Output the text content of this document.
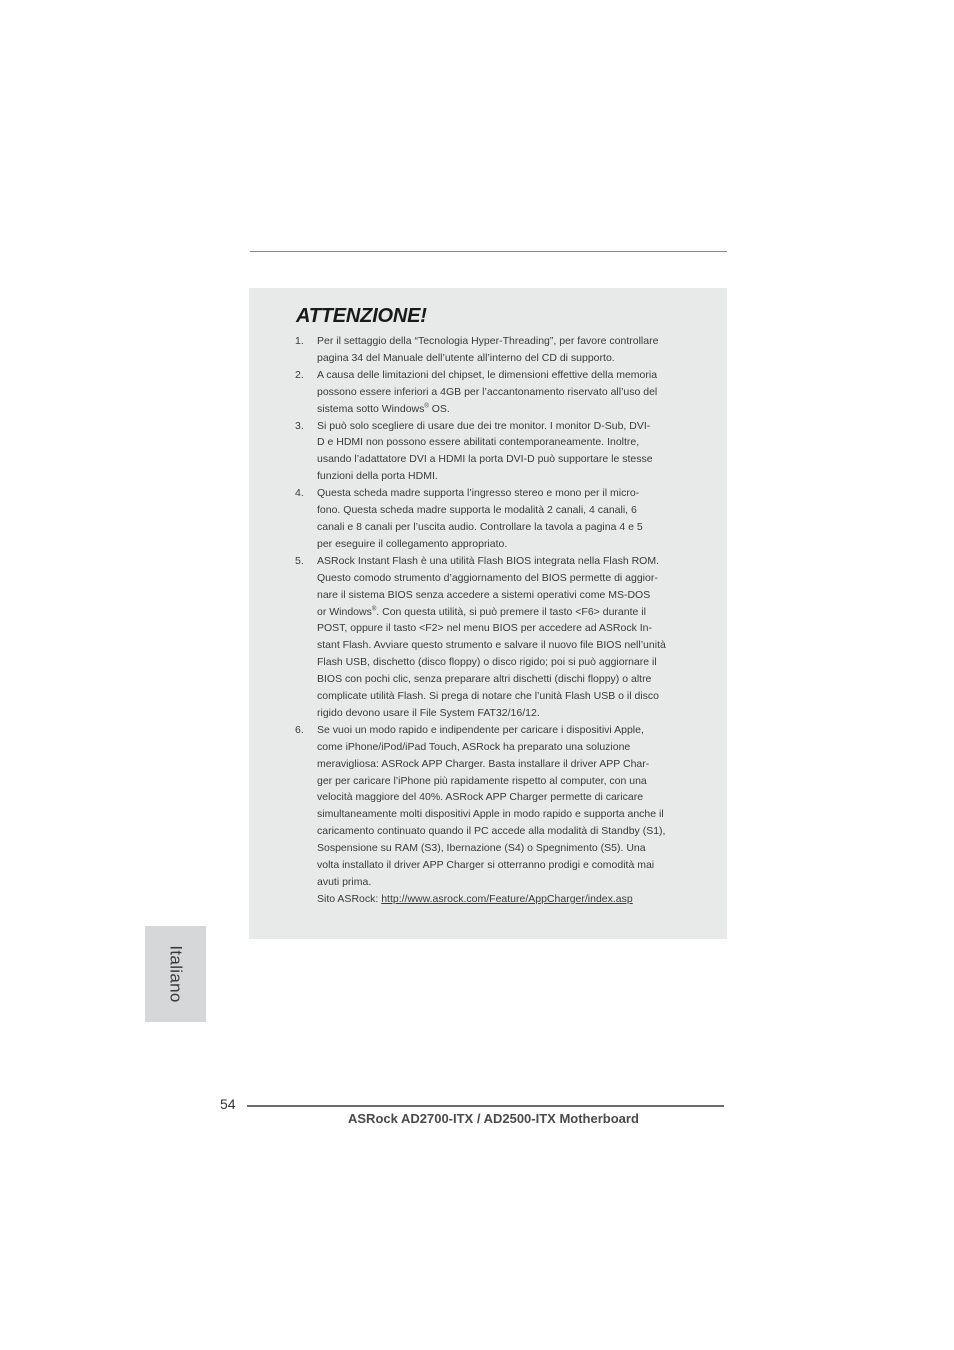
ATTENZIONE!
1. Per il settaggio della “Tecnologia Hyper-Threading”, per favore controllare
pagina 34 del Manuale dell’utente all’interno del CD di supporto.
2. A causa delle limitazioni del chipset, le dimensioni effettive della memoria
possono essere inferiori a 4GB per l’accantonamento riservato all’uso del
sistema sotto Windows® OS.
3. Si può solo scegliere di usare due dei tre monitor. I monitor D-Sub, DVI-
D e HDMI non possono essere abilitati contemporaneamente. Inoltre,
usando l’adattatore DVI a HDMI la porta DVI-D può supportare le stesse
funzioni della porta HDMI.
4. Questa scheda madre supporta l’ingresso stereo e mono per il micro-
fono. Questa scheda madre supporta le modalità 2 canali, 4 canali, 6
canali e 8 canali per l’uscita audio. Controllare la tavola a pagina 4 e 5
per eseguire il collegamento appropriato.
5. ASRock Instant Flash è una utilità Flash BIOS integrata nella Flash ROM.
Questo comodo strumento d’aggiornamento del BIOS permette di aggior-
nare il sistema BIOS senza accedere a sistemi operativi come MS-DOS
or Windows®. Con questa utilità, si può premere il tasto <F6> durante il
POST, oppure il tasto <F2> nel menu BIOS per accedere ad ASRock In-
stant Flash. Avviare questo strumento e salvare il nuovo file BIOS nell’unità
Flash USB, dischetto (disco floppy) o disco rigido; poi si può aggiornare il
BIOS con pochi clic, senza preparare altri dischetti (dischi floppy) o altre
complicate utilità Flash. Si prega di notare che l’unità Flash USB o il disco
rigido devono usare il File System FAT32/16/12.
6. Se vuoi un modo rapido e indipendente per caricare i dispositivi Apple,
come iPhone/iPod/iPad Touch, ASRock ha preparato una soluzione
meravigliosa: ASRock APP Charger. Basta installare il driver APP Char-
ger per caricare l’iPhone più rapidamente rispetto al computer, con una
velocità maggiore del 40%. ASRock APP Charger permette di caricare
simultaneamente molti dispositivi Apple in modo rapido e supporta anche il
caricamento continuato quando il PC accede alla modalità di Standby (S1),
Sospensione su RAM (S3), Ibernazione (S4) o Spegnimento (S5). Una
volta installato il driver APP Charger si otterranno prodigi e comodità mai
avuti prima.
Sito ASRock: http://www.asrock.com/Feature/AppCharger/index.asp
Italiano
54
ASRock AD2700-ITX / AD2500-ITX Motherboard
